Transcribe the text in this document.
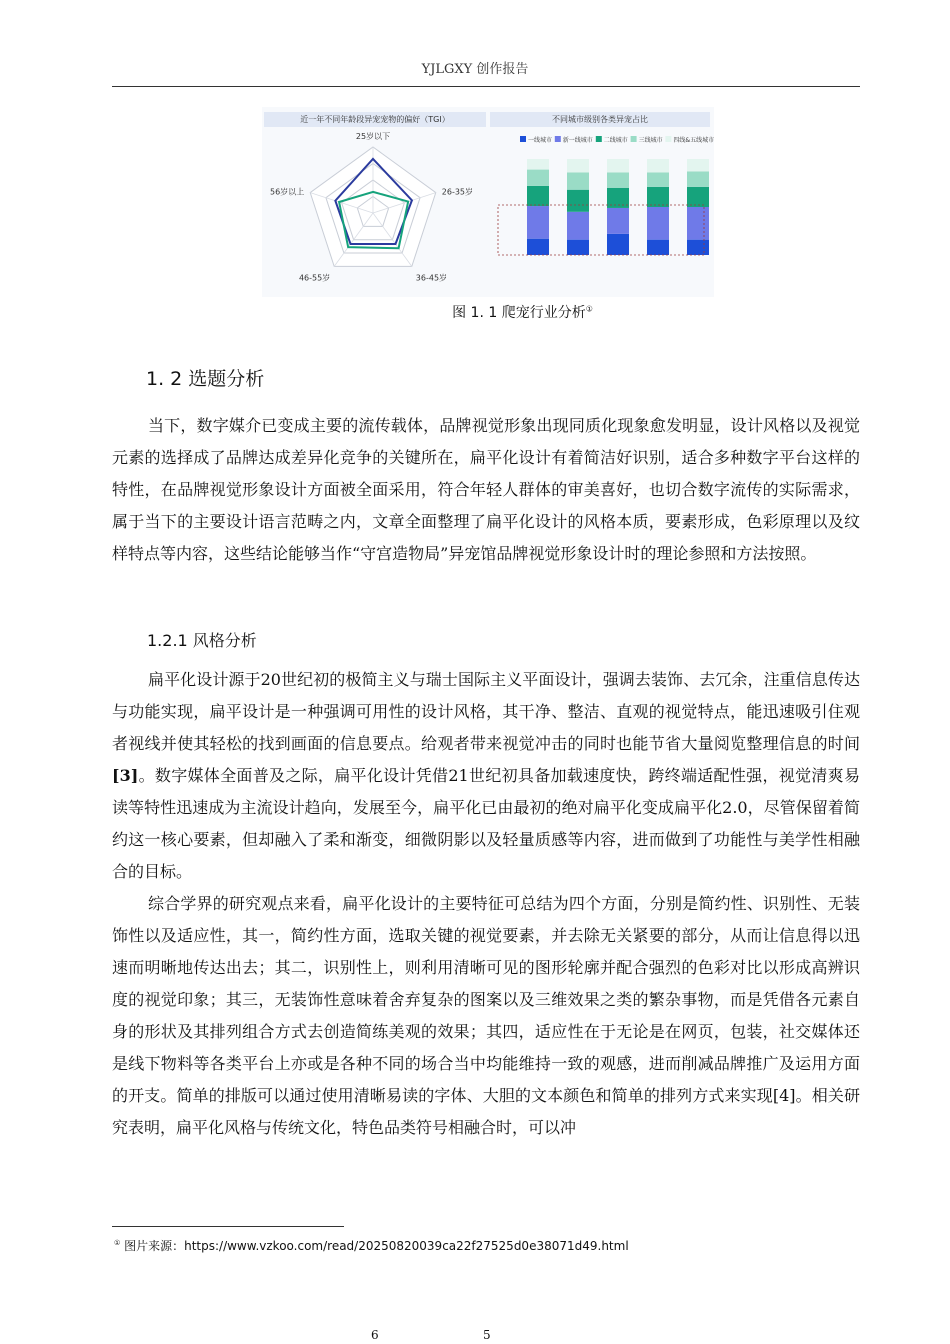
YJLGXY 创作报告
近一年不同年龄段异宠宠物的偏好（TGI）	不同城市级别各类异宠占比
25岁以下
26-35岁
36-45岁
46-55岁
56岁以上
一线城市 新一线城市 二线城市 三线城市 四线&五线城市
图 1. 1 爬宠行业分析①
1. 2 选题分析

当下，数字媒介已变成主要的流传载体，品牌视觉形象出现同质化现象愈发明显，设计风格以及视觉元素的选择成了品牌达成差异化竞争的关键所在，扁平化设计有着简洁好识别，适合多种数字平台这样的特性，在品牌视觉形象设计方面被全面采用，符合年轻人群体的审美喜好，也切合数字流传的实际需求，属于当下的主要设计语言范畴之内，文章全面整理了扁平化设计的风格本质，要素形成，色彩原理以及纹样特点等内容，这些结论能够当作“守宫造物局”异宠馆品牌视觉形象设计时的理论参照和方法按照。

1.2.1 风格分析

扁平化设计源于20世纪初的极简主义与瑞士国际主义平面设计，强调去装饰、去冗余，注重信息传达与功能实现，扁平设计是一种强调可用性的设计风格，其干净、整洁、直观的视觉特点，能迅速吸引住观者视线并使其轻松的找到画面的信息要点。给观者带来视觉冲击的同时也能节省大量阅览整理信息的时间[3]。数字媒体全面普及之际，扁平化设计凭借21世纪初具备加载速度快，跨终端适配性强，视觉清爽易读等特性迅速成为主流设计趋向，发展至今，扁平化已由最初的绝对扁平化变成扁平化2.0，尽管保留着简约这一核心要素，但却融入了柔和渐变，细微阴影以及轻量质感等内容，进而做到了功能性与美学性相融合的目标。

综合学界的研究观点来看，扁平化设计的主要特征可总结为四个方面，分别是简约性、识别性、无装饰性以及适应性，其一，简约性方面，选取关键的视觉要素，并去除无关紧要的部分，从而让信息得以迅速而明晰地传达出去；其二，识别性上，则利用清晰可见的图形轮廓并配合强烈的色彩对比以形成高辨识度的视觉印象；其三，无装饰性意味着舍弃复杂的图案以及三维效果之类的繁杂事物，而是凭借各元素自身的形状及其排列组合方式去创造简练美观的效果；其四，适应性在于无论是在网页，包装，社交媒体还是线下物料等各类平台上亦或是各种不同的场合当中均能维持一致的观感，进而削减品牌推广及运用方面的开支。简单的排版可以通过使用清晰易读的字体、大胆的文本颜色和简单的排列方式来实现[4]。相关研究表明，扁平化风格与传统文化，特色品类符号相融合时，可以冲

① 图片来源：https://www.vzkoo.com/read/20250820039ca22f27525d0e38071d49.html
6	5
